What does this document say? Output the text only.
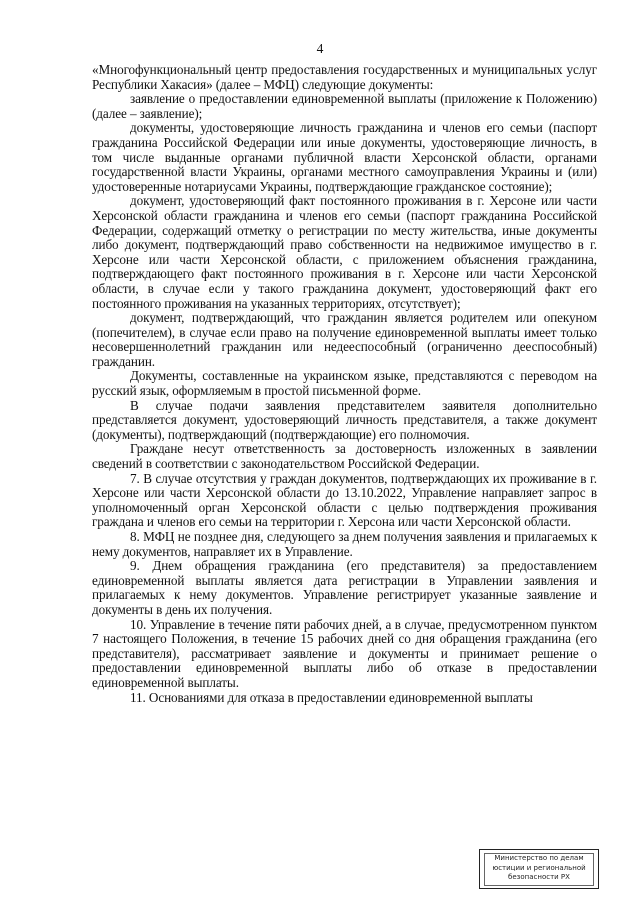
4

«Многофункциональный центр предоставления государственных и муниципальных услуг Республики Хакасия» (далее – МФЦ) следующие документы:

заявление о предоставлении единовременной выплаты (приложение к Положению) (далее – заявление);

документы, удостоверяющие личность гражданина и членов его семьи (паспорт гражданина Российской Федерации или иные документы, удостоверяющие личность, в том числе выданные органами публичной власти Херсонской области, органами государственной власти Украины, органами местного самоуправления Украины и (или) удостоверенные нотариусами Украины, подтверждающие гражданское состояние);

документ, удостоверяющий факт постоянного проживания в г. Херсоне или части Херсонской области гражданина и членов его семьи (паспорт гражданина Российской Федерации, содержащий отметку о регистрации по месту жительства, иные документы либо документ, подтверждающий право собственности на недвижимое имущество в г. Херсоне или части Херсонской области, с приложением объяснения гражданина, подтверждающего факт постоянного проживания в г. Херсоне или части Херсонской области, в случае если у такого гражданина документ, удостоверяющий факт его постоянного проживания на указанных территориях, отсутствует);

документ, подтверждающий, что гражданин является родителем или опекуном (попечителем), в случае если право на получение единовременной выплаты имеет только несовершеннолетний гражданин или недееспособный (ограниченно дееспособный) гражданин.

Документы, составленные на украинском языке, представляются с переводом на русский язык, оформляемым в простой письменной форме.

В случае подачи заявления представителем заявителя дополнительно представляется документ, удостоверяющий личность представителя, а также документ (документы), подтверждающий (подтверждающие) его полномочия.

Граждане несут ответственность за достоверность изложенных в заявлении сведений в соответствии с законодательством Российской Федерации.

7. В случае отсутствия у граждан документов, подтверждающих их проживание в г. Херсоне или части Херсонской области до 13.10.2022, Управление направляет запрос в уполномоченный орган Херсонской области с целью подтверждения проживания граждана и членов его семьи на территории г. Херсона или части Херсонской области.

8. МФЦ не позднее дня, следующего за днем получения заявления и прилагаемых к нему документов, направляет их в Управление.

9. Днем обращения гражданина (его представителя) за предоставлением единовременной выплаты является дата регистрации в Управлении заявления и прилагаемых к нему документов. Управление регистрирует указанные заявление и документы в день их получения.

10. Управление в течение пяти рабочих дней, а в случае, предусмотренном пунктом 7 настоящего Положения, в течение 15 рабочих дней со дня обращения гражданина (его представителя), рассматривает заявление и документы и принимает решение о предоставлении единовременной выплаты либо об отказе в предоставлении единовременной выплаты.

11. Основаниями для отказа в предоставлении единовременной выплаты

Министерство по делам
юстиции и региональной
безопасности РХ
